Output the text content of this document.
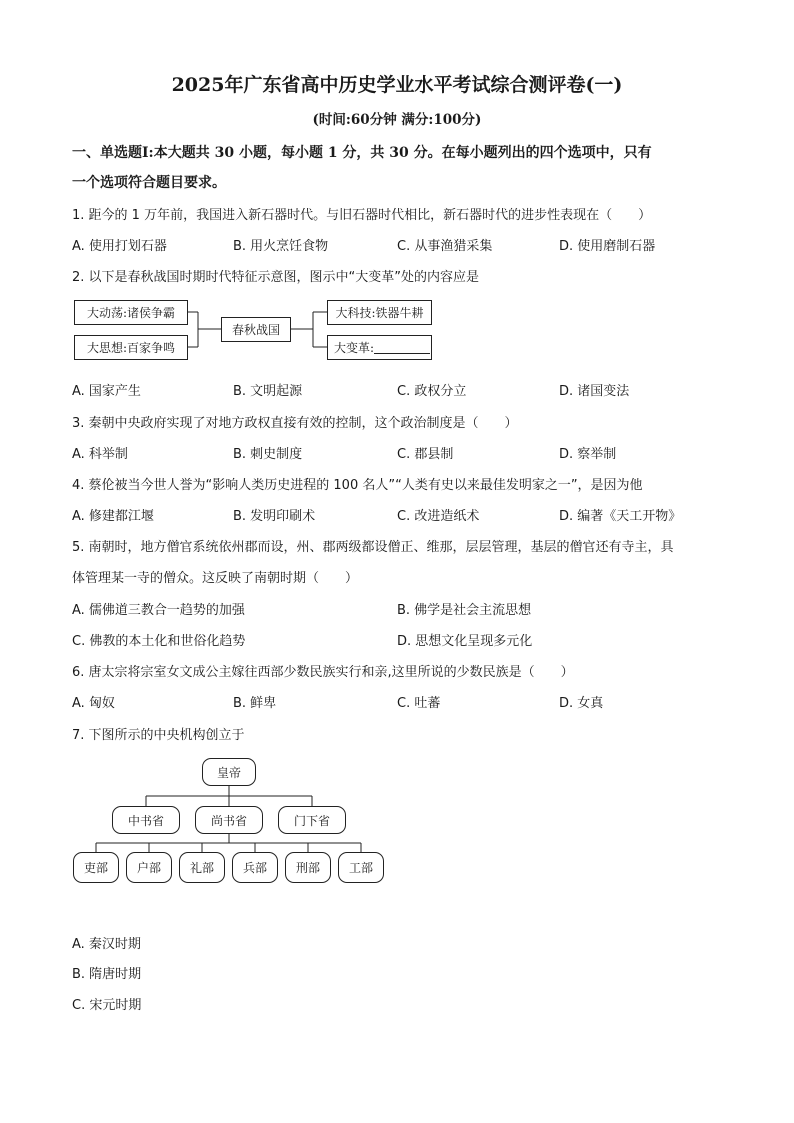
2025年广东省高中历史学业水平考试综合测评卷(一)
(时间:60分钟 满分:100分)
一、单选题Ⅰ:本大题共 30 小题，每小题 1 分，共 30 分。在每小题列出的四个选项中，只有
一个选项符合题目要求。
1. 距今的 1 万年前，我国进入新石器时代。与旧石器时代相比，新石器时代的进步性表现在（　　）
A. 使用打划石器	B. 用火烹饪食物	C. 从事渔猎采集	D. 使用磨制石器
2. 以下是春秋战国时期时代特征示意图，图示中“大变革”处的内容应是
大动荡:诸侯争霸
大思想:百家争鸣
春秋战国
大科技:铁器牛耕
大变革:
A. 国家产生	B. 文明起源	C. 政权分立	D. 诸国变法
3. 秦朝中央政府实现了对地方政权直接有效的控制，这个政治制度是（　　）
A. 科举制	B. 刺史制度	C. 郡县制	D. 察举制
4. 蔡伦被当今世人誉为“影响人类历史进程的 100 名人”“人类有史以来最佳发明家之一”，是因为他
A. 修建都江堰	B. 发明印刷术	C. 改进造纸术	D. 编著《天工开物》
5. 南朝时，地方僧官系统依州郡而设，州、郡两级都设僧正、维那，层层管理，基层的僧官还有寺主，具
体管理某一寺的僧众。这反映了南朝时期（　　）
A. 儒佛道三教合一趋势的加强	B. 佛学是社会主流思想
C. 佛教的本土化和世俗化趋势	D. 思想文化呈现多元化
6. 唐太宗将宗室女文成公主嫁往西部少数民族实行和亲,这里所说的少数民族是（　　）
A. 匈奴	B. 鲜卑	C. 吐蕃	D. 女真
7. 下图所示的中央机构创立于
皇帝
中书省	尚书省	门下省
吏部	户部	礼部	兵部	刑部	工部
A. 秦汉时期
B. 隋唐时期
C. 宋元时期
